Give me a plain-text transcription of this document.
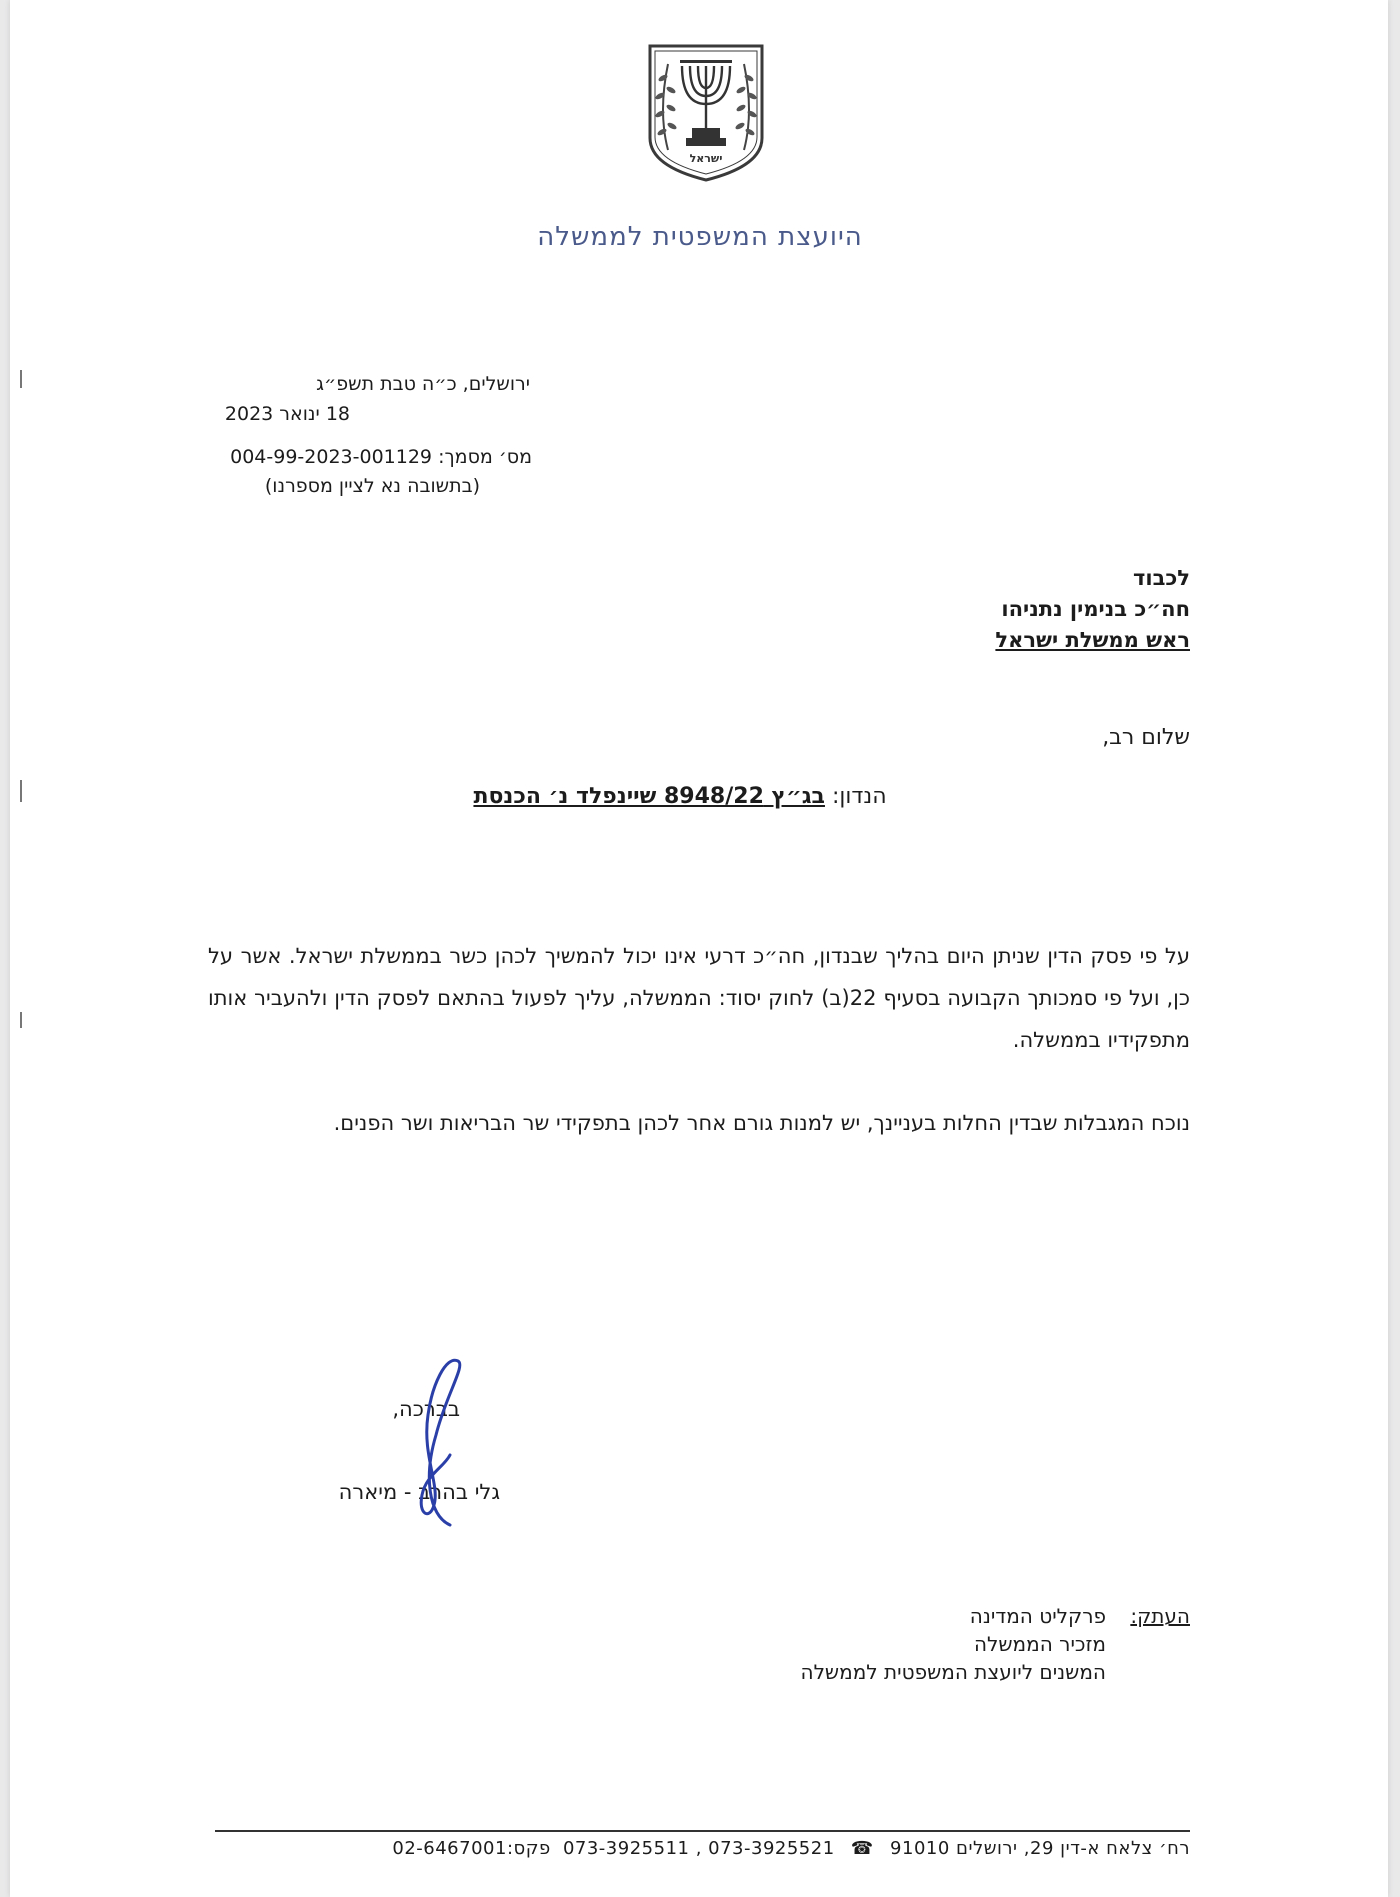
ישראל
היועצת המשפטית לממשלה
ירושלים, כ״ה טבת תשפ״ג
18 ינואר 2023
004-99-2023-001129 מס׳ מסמך:
(בתשובה נא לציין מספרנו)
לכבוד
חה״כ בנימין נתניהו
ראש ממשלת ישראל
שלום רב,
הנדון: בג״ץ 8948/22 שיינפלד נ׳ הכנסת
על פי פסק הדין שניתן היום בהליך שבנדון, חה״כ דרעי אינו יכול להמשיך לכהן כשר בממשלת ישראל. אשר על כן, ועל פי סמכותך הקבועה בסעיף 22(ב) לחוק יסוד: הממשלה, עליך לפעול בהתאם לפסק הדין ולהעביר אותו מתפקידיו בממשלה.
נוכח המגבלות שבדין החלות בעניינך, יש למנות גורם אחר לכהן בתפקידי שר הבריאות ושר הפנים.
בברכה,
גלי בהרב - מיארה
העתק:
פרקליט המדינה
מזכיר הממשלה
המשנים ליועצת המשפטית לממשלה
רח׳ צלאח א-דין 29, ירושלים 91010 ☎ 073-3925511 , 073-3925521 פקס:02-6467001
